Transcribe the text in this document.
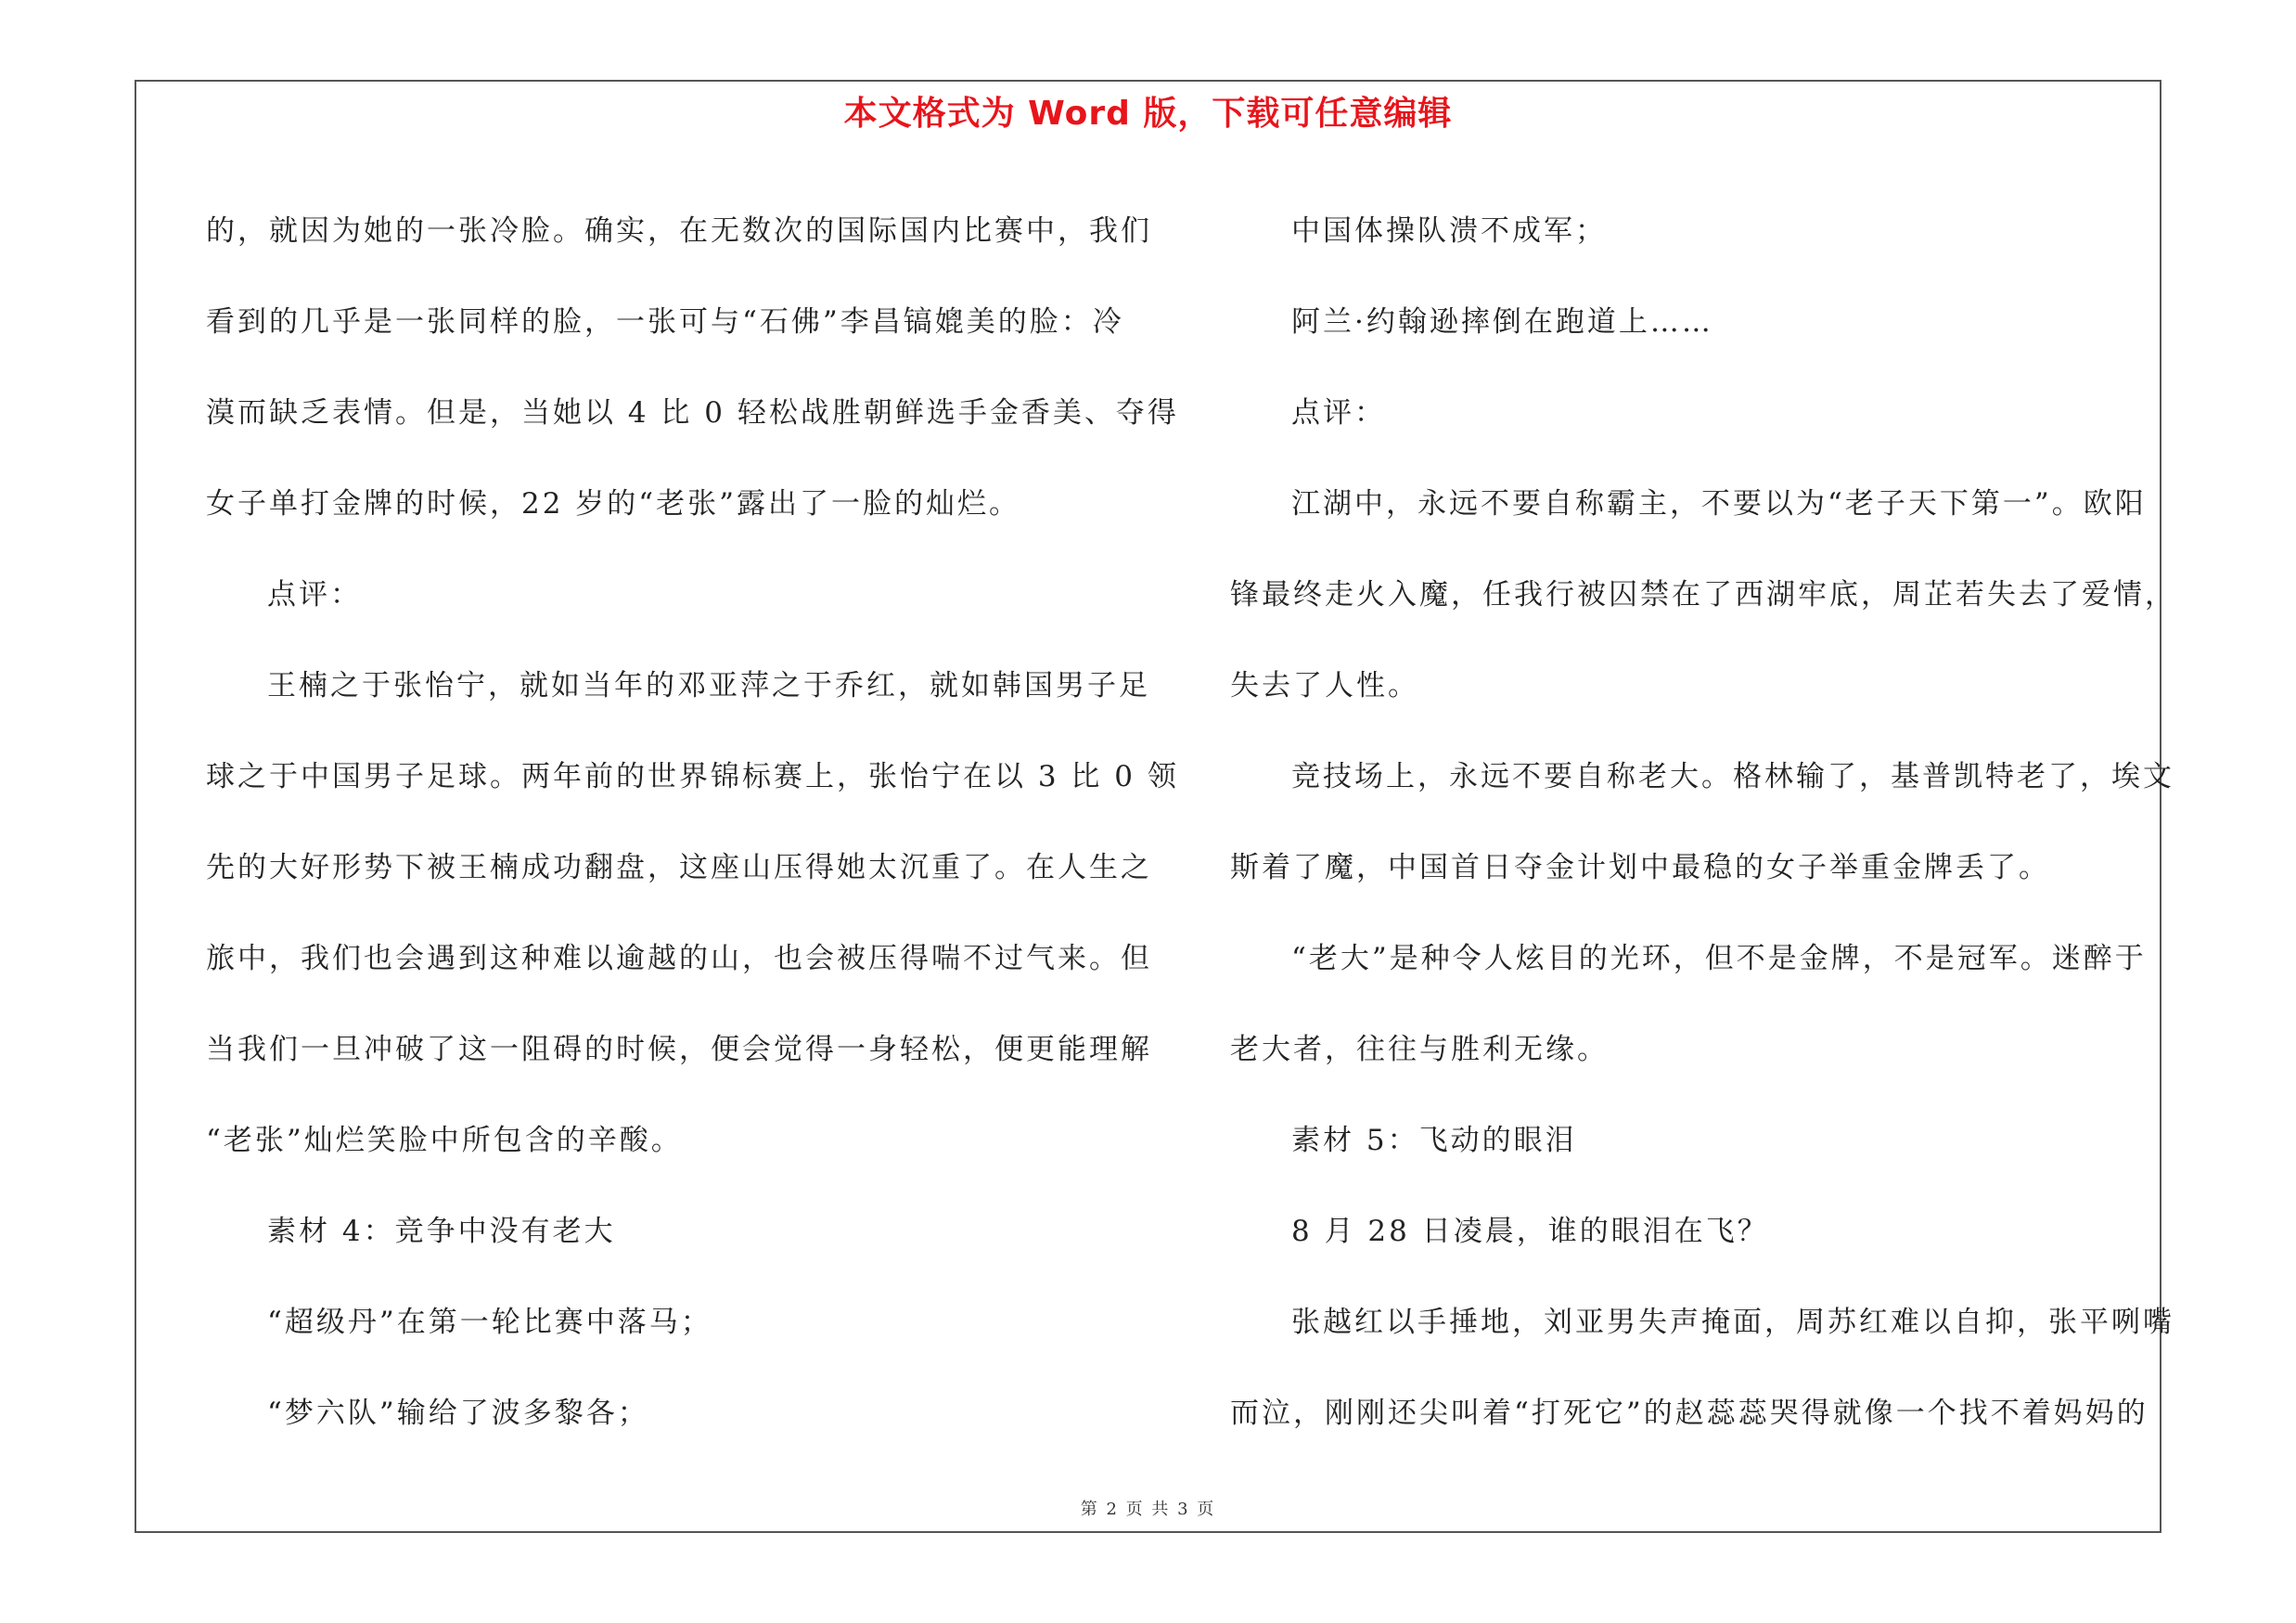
本文格式为 Word 版，下载可任意编辑
的，就因为她的一张冷脸。确实，在无数次的国际国内比赛中，我们
看到的几乎是一张同样的脸，一张可与“石佛”李昌镐媲美的脸：冷
漠而缺乏表情。但是，当她以 4 比 0 轻松战胜朝鲜选手金香美、夺得
女子单打金牌的时候，22 岁的“老张”露出了一脸的灿烂。
点评：
王楠之于张怡宁，就如当年的邓亚萍之于乔红，就如韩国男子足
球之于中国男子足球。两年前的世界锦标赛上，张怡宁在以 3 比 0 领
先的大好形势下被王楠成功翻盘，这座山压得她太沉重了。在人生之
旅中，我们也会遇到这种难以逾越的山，也会被压得喘不过气来。但
当我们一旦冲破了这一阻碍的时候，便会觉得一身轻松，便更能理解
“老张”灿烂笑脸中所包含的辛酸。
素材 4：竞争中没有老大
“超级丹”在第一轮比赛中落马；
“梦六队”输给了波多黎各；
中国体操队溃不成军；
阿兰·约翰逊摔倒在跑道上……
点评：
江湖中，永远不要自称霸主，不要以为“老子天下第一”。欧阳
锋最终走火入魔，任我行被囚禁在了西湖牢底，周芷若失去了爱情，
失去了人性。
竞技场上，永远不要自称老大。格林输了，基普凯特老了，埃文
斯着了魔，中国首日夺金计划中最稳的女子举重金牌丢了。
“老大”是种令人炫目的光环，但不是金牌，不是冠军。迷醉于
老大者，往往与胜利无缘。
素材 5：飞动的眼泪
8 月 28 日凌晨，谁的眼泪在飞？
张越红以手捶地，刘亚男失声掩面，周苏红难以自抑，张平咧嘴
而泣，刚刚还尖叫着“打死它”的赵蕊蕊哭得就像一个找不着妈妈的
第 2 页 共 3 页
